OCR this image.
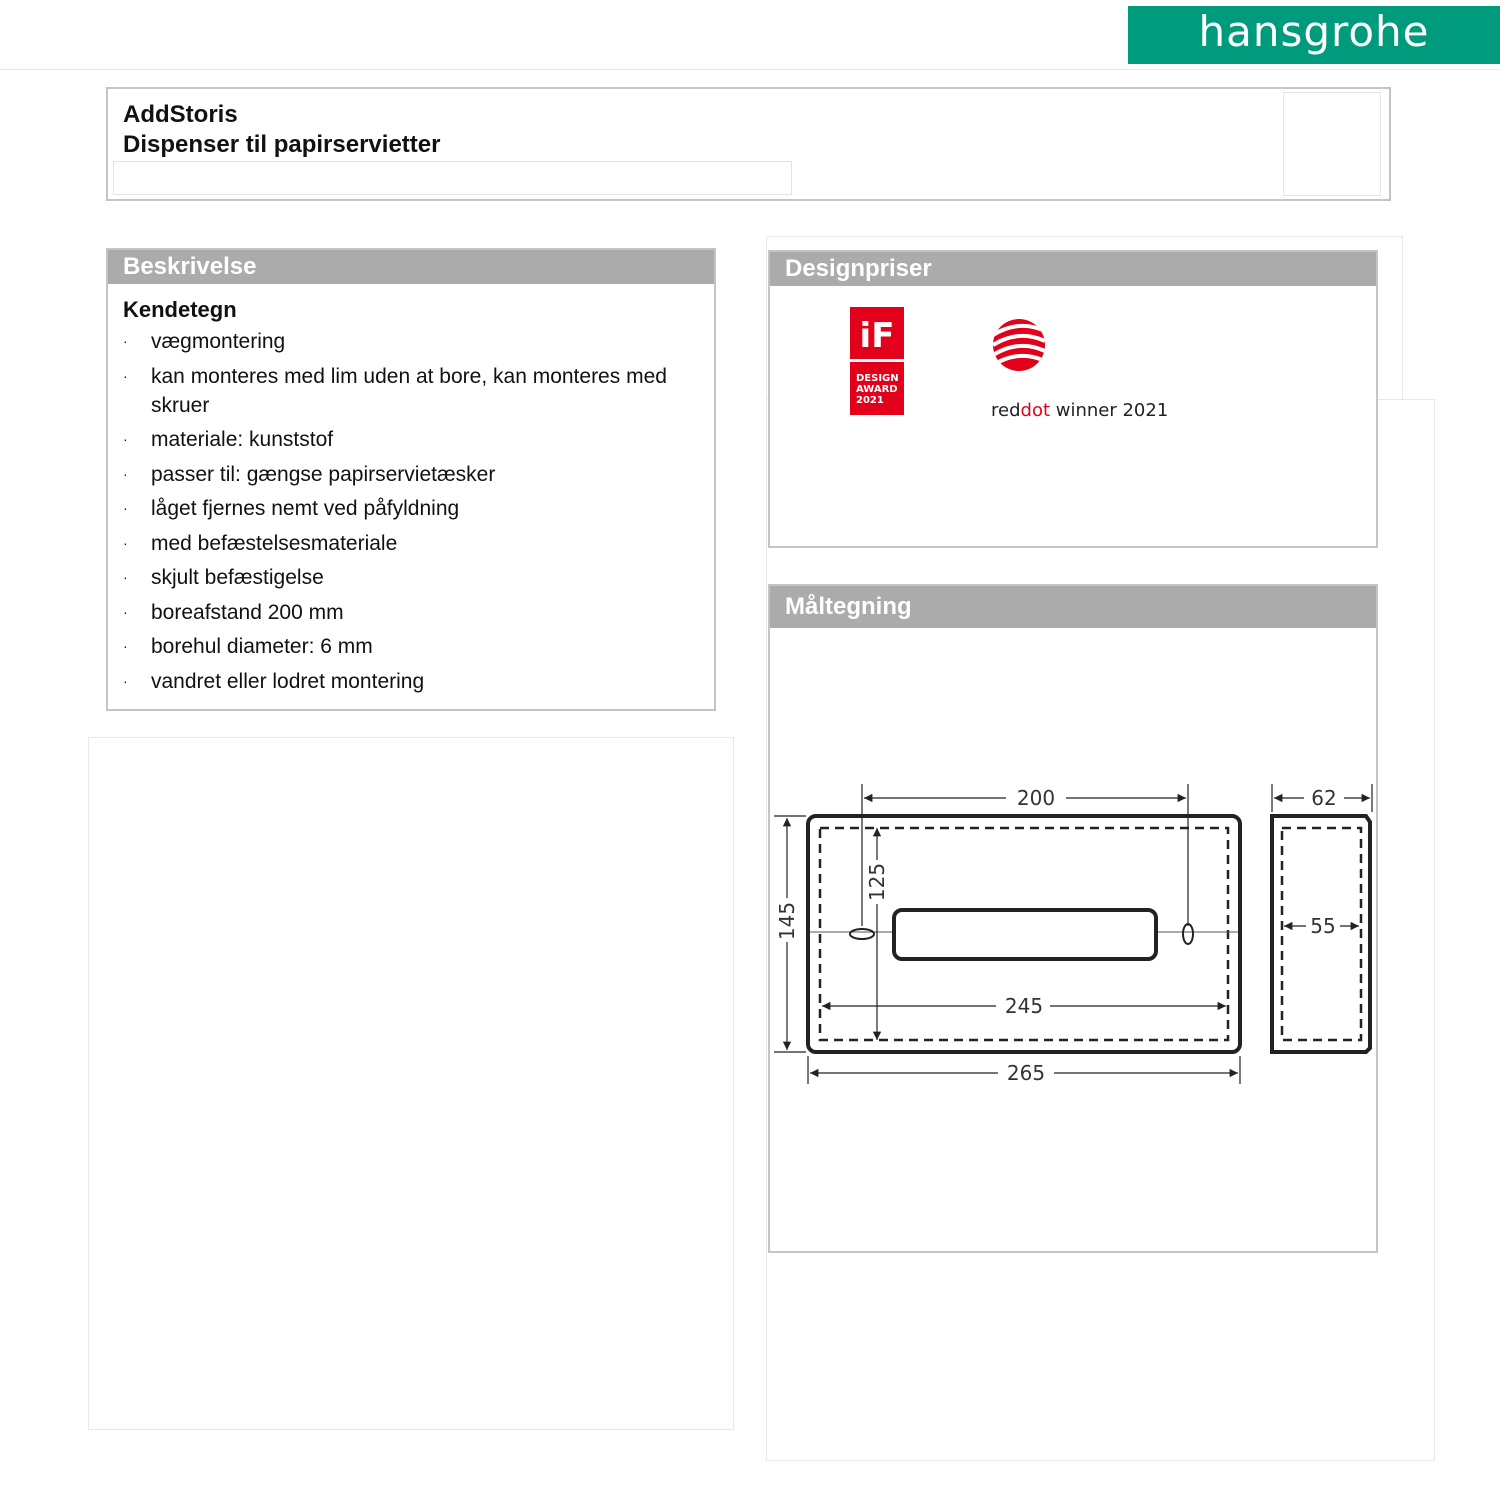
hansgrohe
AddStoris
Dispenser til papirservietter
Beskrivelse
Kendetegn
· vægmontering
· kan monteres med lim uden at bore, kan monteres med skruer
· materiale: kunststof
· passer til: gængse papirservietæsker
· låget fjernes nemt ved påfyldning
· med befæstelsesmateriale
· skjult befæstigelse
· boreafstand 200 mm
· borehul diameter: 6 mm
· vandret eller lodret montering
Designpriser
iF
DESIGN
AWARD
2021	reddot winner 2021
Måltegning
200
125
145
245
265
62
55
